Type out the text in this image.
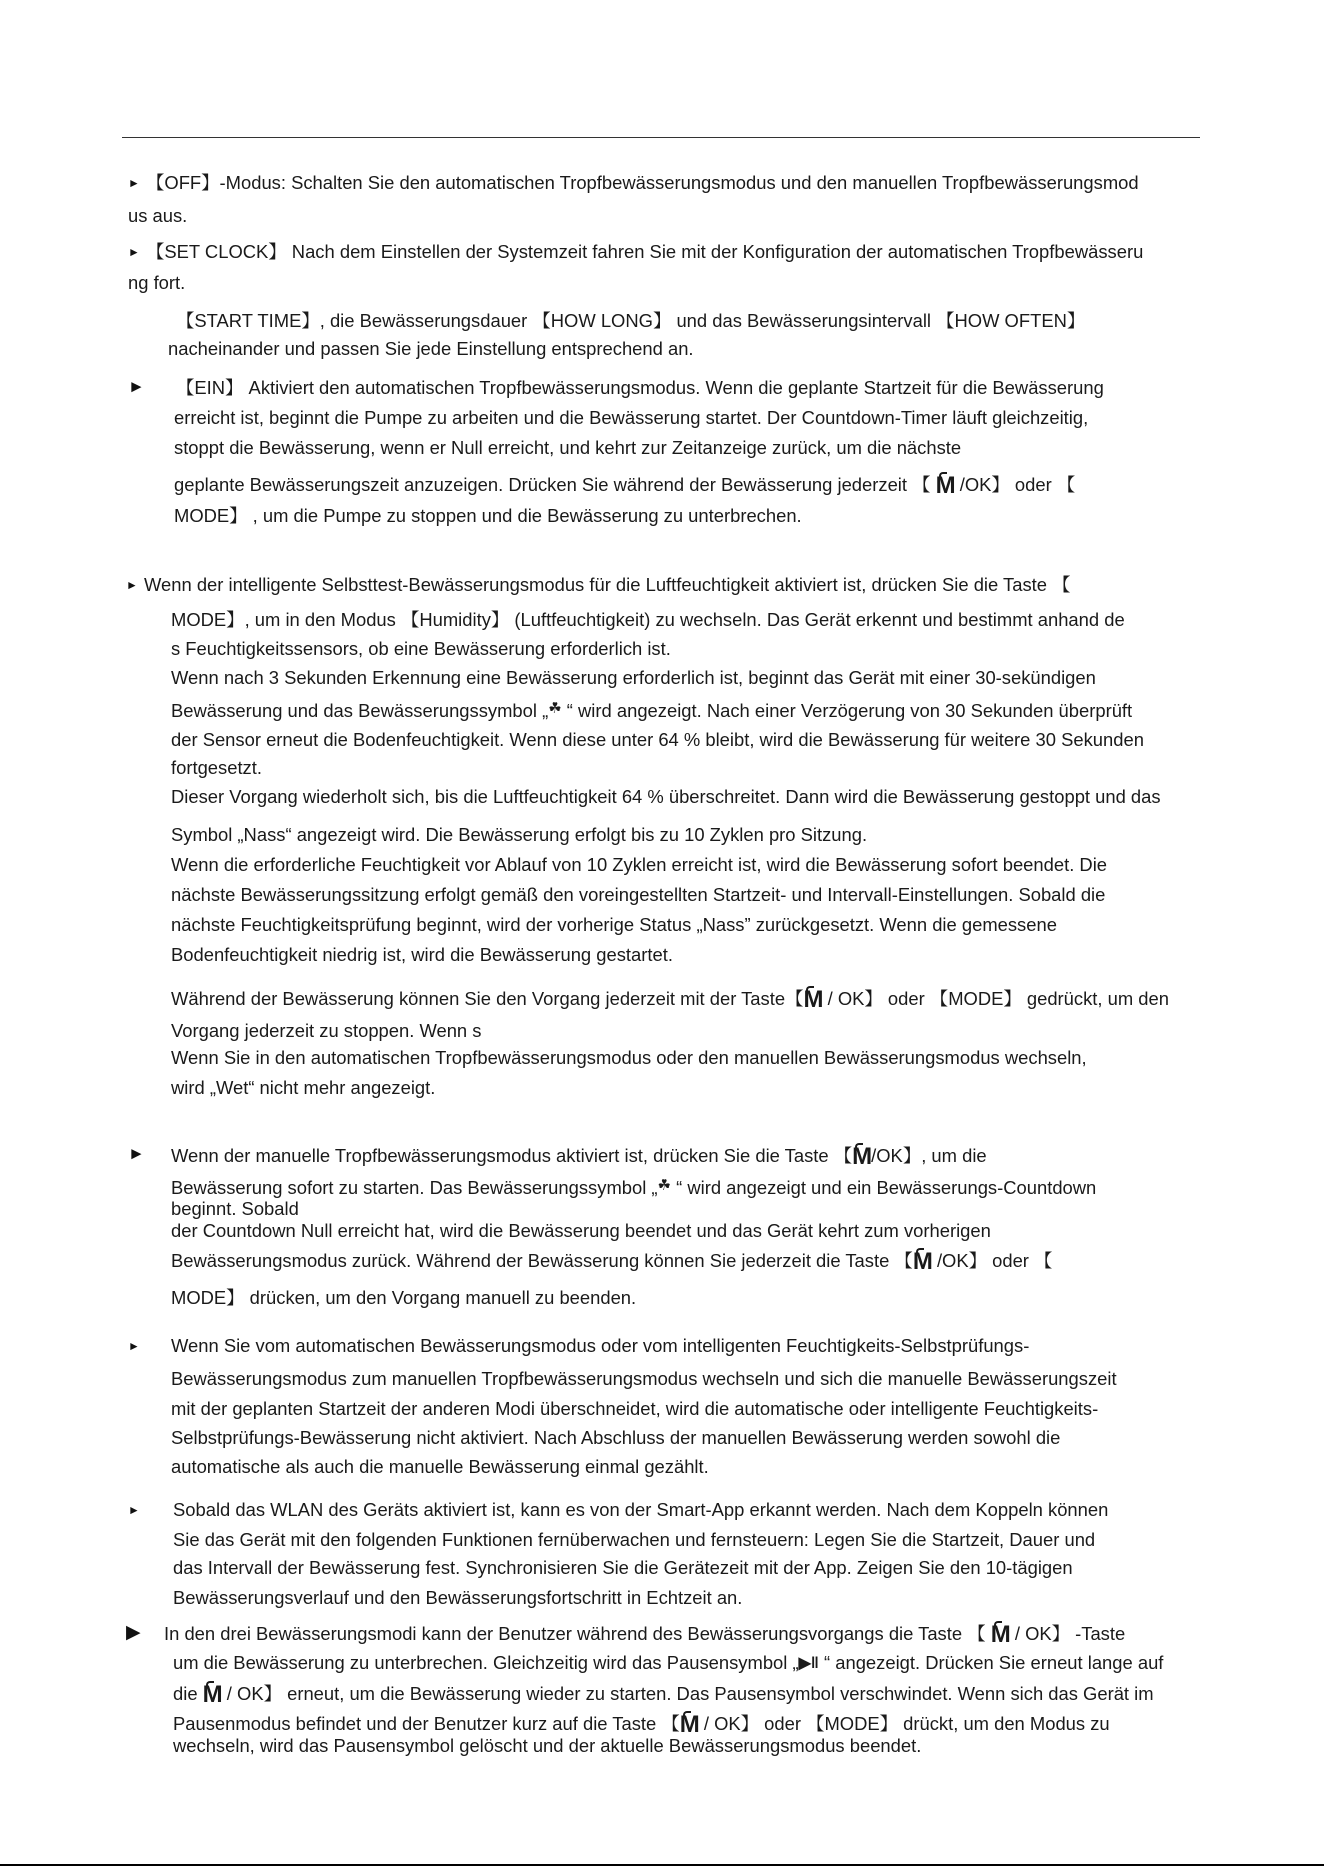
► 【OFF】-Modus: Schalten Sie den automatischen Tropfbewässerungsmodus und den manuellen Tropfbewässerungsmod
us aus.
► 【SET CLOCK】 Nach dem Einstellen der Systemzeit fahren Sie mit der Konfiguration der automatischen Tropfbewässeru
ng fort.
【START TIME】, die Bewässerungsdauer 【HOW LONG】 und das Bewässerungsintervall 【HOW OFTEN】
nacheinander und passen Sie jede Einstellung entsprechend an.
► 【EIN】 Aktiviert den automatischen Tropfbewässerungsmodus. Wenn die geplante Startzeit für die Bewässerung
erreicht ist, beginnt die Pumpe zu arbeiten und die Bewässerung startet. Der Countdown-Timer läuft gleichzeitig,
stoppt die Bewässerung, wenn er Null erreicht, und kehrt zur Zeitanzeige zurück, um die nächste
geplante Bewässerungszeit anzuzeigen. Drücken Sie während der Bewässerung jederzeit 【 M /OK】 oder 【
MODE】 , um die Pumpe zu stoppen und die Bewässerung zu unterbrechen.
► Wenn der intelligente Selbsttest-Bewässerungsmodus für die Luftfeuchtigkeit aktiviert ist, drücken Sie die Taste 【
MODE】, um in den Modus 【Humidity】 (Luftfeuchtigkeit) zu wechseln. Das Gerät erkennt und bestimmt anhand de
s Feuchtigkeitssensors, ob eine Bewässerung erforderlich ist.
Wenn nach 3 Sekunden Erkennung eine Bewässerung erforderlich ist, beginnt das Gerät mit einer 30-sekündigen
Bewässerung und das Bewässerungssymbol „☘ “ wird angezeigt. Nach einer Verzögerung von 30 Sekunden überprüft
der Sensor erneut die Bodenfeuchtigkeit. Wenn diese unter 64 % bleibt, wird die Bewässerung für weitere 30 Sekunden
fortgesetzt.
Dieser Vorgang wiederholt sich, bis die Luftfeuchtigkeit 64 % überschreitet. Dann wird die Bewässerung gestoppt und das
Symbol „Nass“ angezeigt wird. Die Bewässerung erfolgt bis zu 10 Zyklen pro Sitzung.
Wenn die erforderliche Feuchtigkeit vor Ablauf von 10 Zyklen erreicht ist, wird die Bewässerung sofort beendet. Die
nächste Bewässerungssitzung erfolgt gemäß den voreingestellten Startzeit- und Intervall-Einstellungen. Sobald die
nächste Feuchtigkeitsprüfung beginnt, wird der vorherige Status „Nass” zurückgesetzt. Wenn die gemessene
Bodenfeuchtigkeit niedrig ist, wird die Bewässerung gestartet.
Während der Bewässerung können Sie den Vorgang jederzeit mit der Taste【M / OK】 oder 【MODE】 gedrückt, um den
Vorgang jederzeit zu stoppen. Wenn s
Wenn Sie in den automatischen Tropfbewässerungsmodus oder den manuellen Bewässerungsmodus wechseln,
wird „Wet“ nicht mehr angezeigt.
► Wenn der manuelle Tropfbewässerungsmodus aktiviert ist, drücken Sie die Taste 【M/OK】, um die
Bewässerung sofort zu starten. Das Bewässerungssymbol „☘ “ wird angezeigt und ein Bewässerungs-Countdown
beginnt. Sobald
der Countdown Null erreicht hat, wird die Bewässerung beendet und das Gerät kehrt zum vorherigen
Bewässerungsmodus zurück. Während der Bewässerung können Sie jederzeit die Taste 【M /OK】 oder 【
MODE】 drücken, um den Vorgang manuell zu beenden.
► Wenn Sie vom automatischen Bewässerungsmodus oder vom intelligenten Feuchtigkeits-Selbstprüfungs-
Bewässerungsmodus zum manuellen Tropfbewässerungsmodus wechseln und sich die manuelle Bewässerungszeit
mit der geplanten Startzeit der anderen Modi überschneidet, wird die automatische oder intelligente Feuchtigkeits-
Selbstprüfungs-Bewässerung nicht aktiviert. Nach Abschluss der manuellen Bewässerung werden sowohl die
automatische als auch die manuelle Bewässerung einmal gezählt.
► Sobald das WLAN des Geräts aktiviert ist, kann es von der Smart-App erkannt werden. Nach dem Koppeln können
Sie das Gerät mit den folgenden Funktionen fernüberwachen und fernsteuern: Legen Sie die Startzeit, Dauer und
das Intervall der Bewässerung fest. Synchronisieren Sie die Gerätezeit mit der App. Zeigen Sie den 10-tägigen
Bewässerungsverlauf und den Bewässerungsfortschritt in Echtzeit an.
▶ In den drei Bewässerungsmodi kann der Benutzer während des Bewässerungsvorgangs die Taste 【 M / OK】 -Taste
um die Bewässerung zu unterbrechen. Gleichzeitig wird das Pausensymbol „▶‖ “ angezeigt. Drücken Sie erneut lange auf
die M / OK】 erneut, um die Bewässerung wieder zu starten. Das Pausensymbol verschwindet. Wenn sich das Gerät im
Pausenmodus befindet und der Benutzer kurz auf die Taste 【M / OK】 oder 【MODE】 drückt, um den Modus zu
wechseln, wird das Pausensymbol gelöscht und der aktuelle Bewässerungsmodus beendet.
